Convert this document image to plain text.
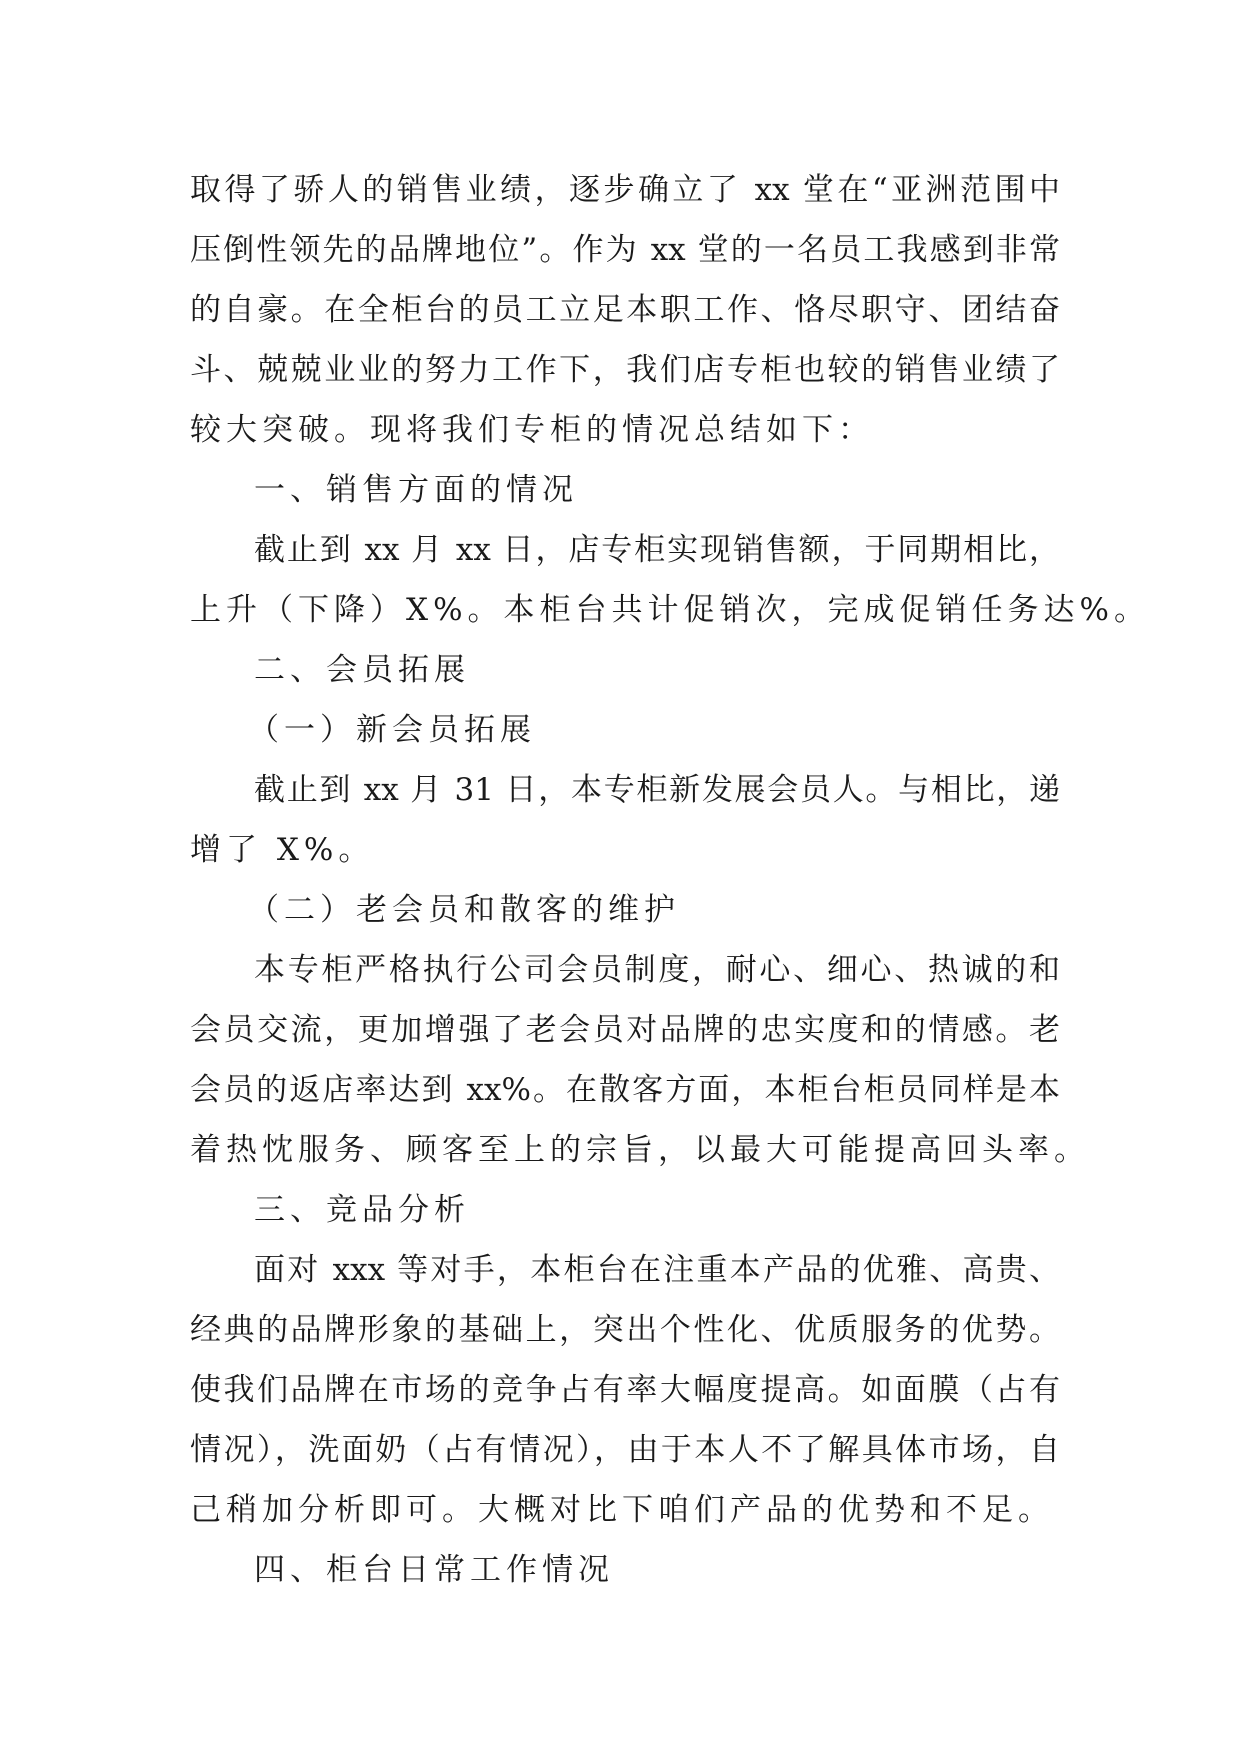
取得了骄人的销售业绩，逐步确立了 xx 堂在“亚洲范围中
压倒性领先的品牌地位”。作为 xx 堂的一名员工我感到非常
的自豪。在全柜台的员工立足本职工作、恪尽职守、团结奋
斗、兢兢业业的努力工作下，我们店专柜也较的销售业绩了
较大突破。现将我们专柜的情况总结如下：
一、销售方面的情况
截止到 xx 月 xx 日，店专柜实现销售额，于同期相比，
上升（下降）X%。本柜台共计促销次，完成促销任务达%。
二、会员拓展
（一）新会员拓展
截止到 xx 月 31 日，本专柜新发展会员人。与相比，递
增了 X%。
（二）老会员和散客的维护
本专柜严格执行公司会员制度，耐心、细心、热诚的和
会员交流，更加增强了老会员对品牌的忠实度和的情感。老
会员的返店率达到 xx%。在散客方面，本柜台柜员同样是本
着热忱服务、顾客至上的宗旨，以最大可能提高回头率。
三、竞品分析
面对 xxx 等对手，本柜台在注重本产品的优雅、高贵、
经典的品牌形象的基础上，突出个性化、优质服务的优势。
使我们品牌在市场的竞争占有率大幅度提高。如面膜（占有
情况），洗面奶（占有情况），由于本人不了解具体市场，自
己稍加分析即可。大概对比下咱们产品的优势和不足。
四、柜台日常工作情况
